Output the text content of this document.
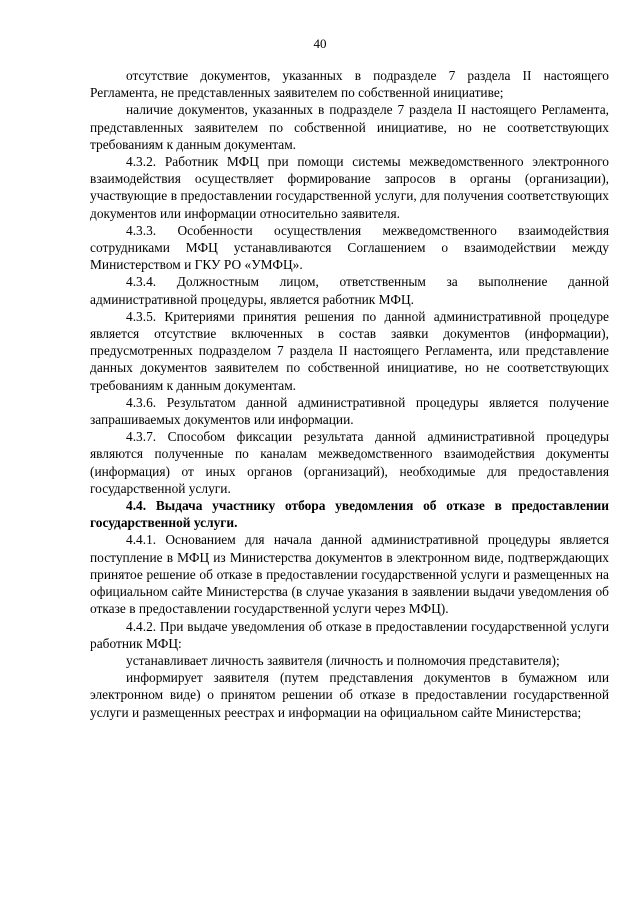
40

отсутствие документов, указанных в подразделе 7 раздела II настоящего Регламента, не представленных заявителем по собственной инициативе;

наличие документов, указанных в подразделе 7 раздела II настоящего Регламента, представленных заявителем по собственной инициативе, но не соответствующих требованиям к данным документам.

4.3.2. Работник МФЦ при помощи системы межведомственного электронного взаимодействия осуществляет формирование запросов в органы (организации), участвующие в предоставлении государственной услуги, для получения соответствующих документов или информации относительно заявителя.

4.3.3. Особенности осуществления межведомственного взаимодействия сотрудниками МФЦ устанавливаются Соглашением о взаимодействии между Министерством и ГКУ РО «УМФЦ».

4.3.4. Должностным лицом, ответственным за выполнение данной административной процедуры, является работник МФЦ.

4.3.5. Критериями принятия решения по данной административной процедуре является отсутствие включенных в состав заявки документов (информации), предусмотренных подразделом 7 раздела II настоящего Регламента, или представление данных документов заявителем по собственной инициативе, но не соответствующих требованиям к данным документам.

4.3.6. Результатом данной административной процедуры является получение запрашиваемых документов или информации.

4.3.7. Способом фиксации результата данной административной процедуры являются полученные по каналам межведомственного взаимодействия документы (информация) от иных органов (организаций), необходимые для предоставления государственной услуги.

4.4. Выдача участнику отбора уведомления об отказе в предоставлении государственной услуги.

4.4.1. Основанием для начала данной административной процедуры является поступление в МФЦ из Министерства документов в электронном виде, подтверждающих принятое решение об отказе в предоставлении государственной услуги и размещенных на официальном сайте Министерства (в случае указания в заявлении выдачи уведомления об отказе в предоставлении государственной услуги через МФЦ).

4.4.2. При выдаче уведомления об отказе в предоставлении государственной услуги работник МФЦ:

устанавливает личность заявителя (личность и полномочия представителя);

информирует заявителя (путем представления документов в бумажном или электронном виде) о принятом решении об отказе в предоставлении государственной услуги и размещенных реестрах и информации на официальном сайте Министерства;
